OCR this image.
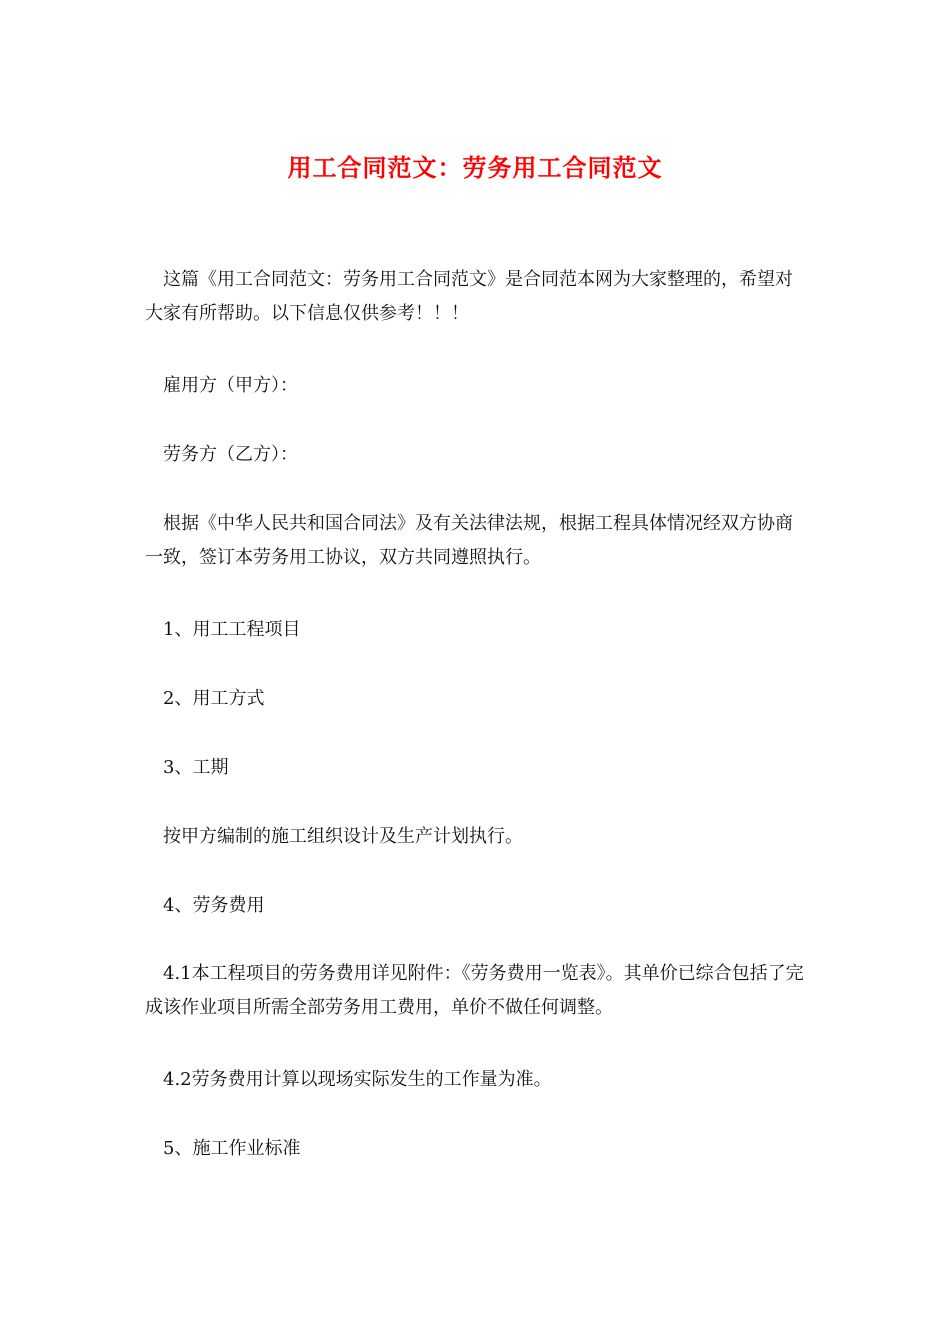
用工合同范文：劳务用工合同范文
这篇《用工合同范文：劳务用工合同范文》是合同范本网为大家整理的，希望对大家有所帮助。以下信息仅供参考！！！
雇用方（甲方）：
劳务方（乙方）：
根据《中华人民共和国合同法》及有关法律法规，根据工程具体情况经双方协商一致，签订本劳务用工协议，双方共同遵照执行。
1、用工工程项目
2、用工方式
3、工期
按甲方编制的施工组织设计及生产计划执行。
4、劳务费用
4.1本工程项目的劳务费用详见附件：《劳务费用一览表》。其单价已综合包括了完成该作业项目所需全部劳务用工费用，单价不做任何调整。
4.2劳务费用计算以现场实际发生的工作量为准。
5、施工作业标准
